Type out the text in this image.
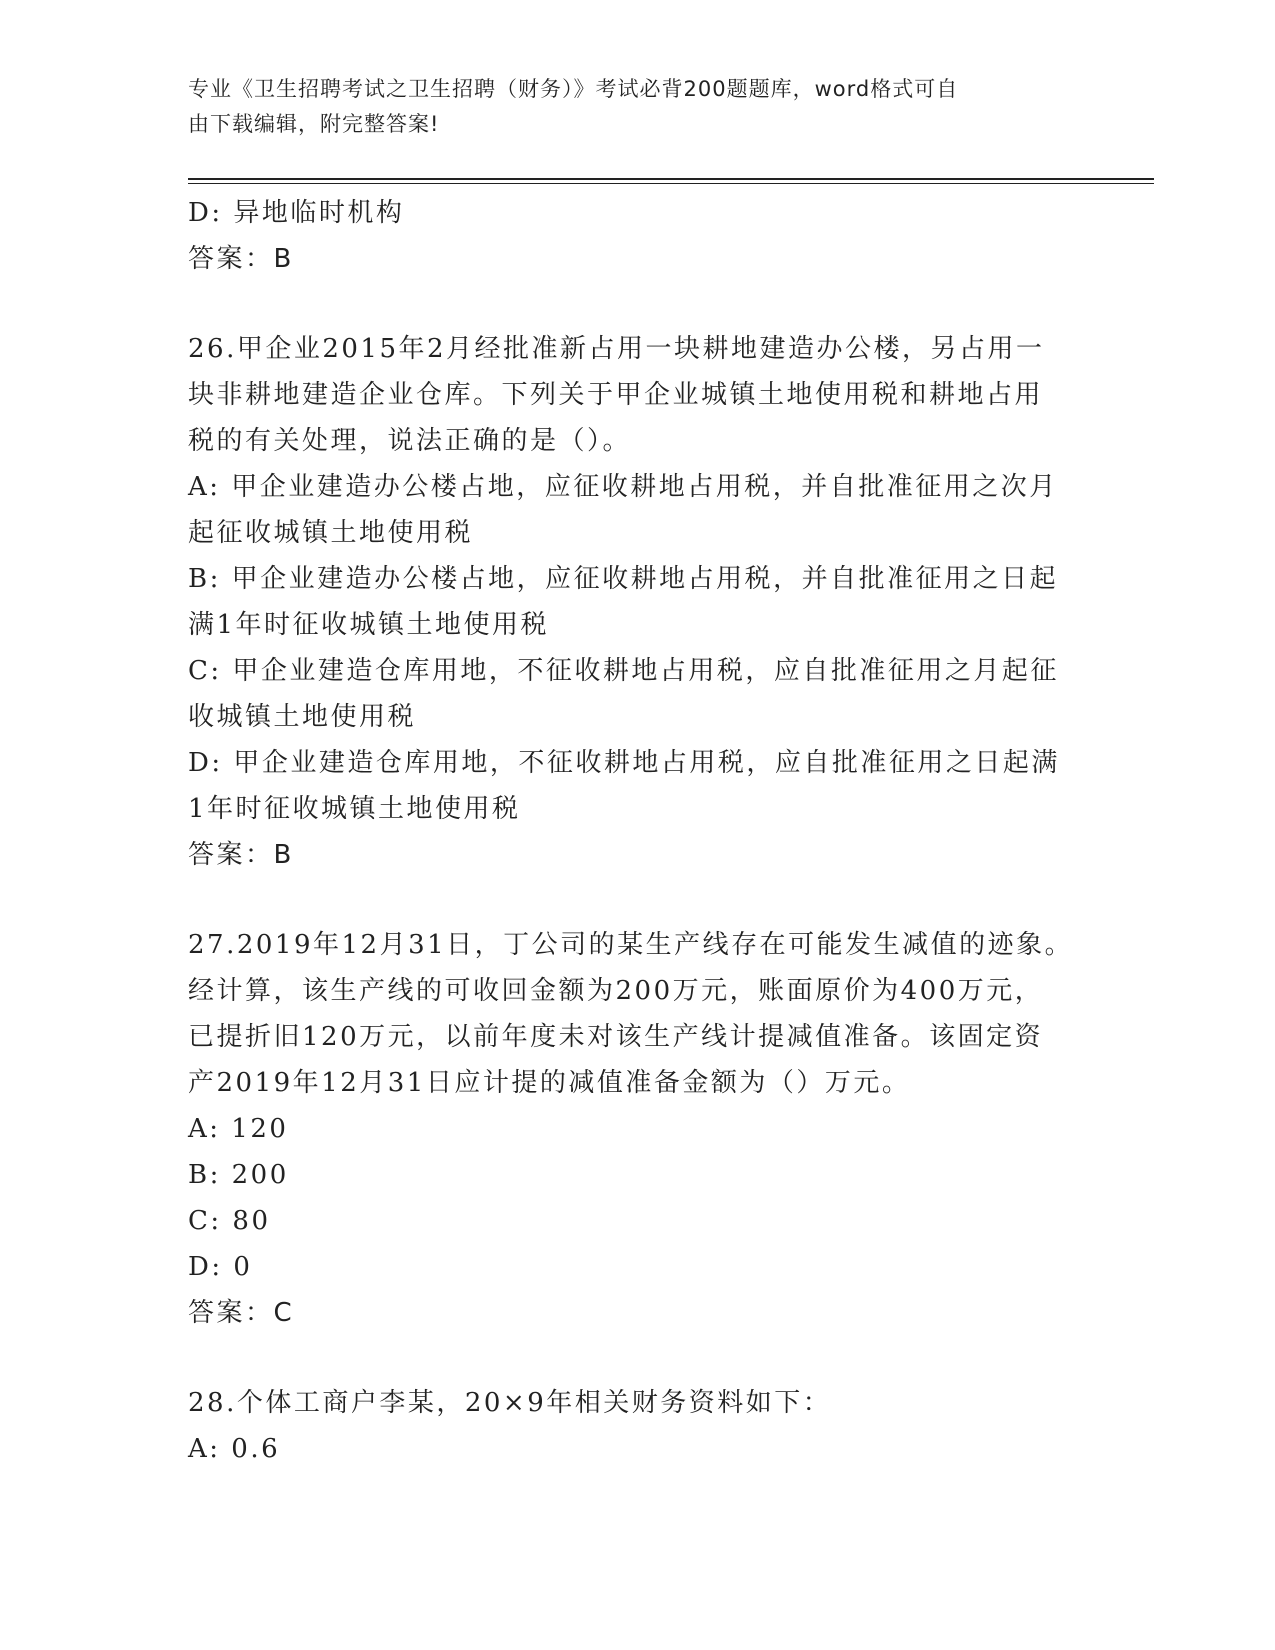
专业《卫生招聘考试之卫生招聘（财务）》考试必背200题题库，word格式可自
由下载编辑，附完整答案!
D: 异地临时机构
答案：B
26.甲企业2015年2月经批准新占用一块耕地建造办公楼，另占用一
块非耕地建造企业仓库。下列关于甲企业城镇土地使用税和耕地占用
税的有关处理，说法正确的是（）。
A: 甲企业建造办公楼占地，应征收耕地占用税，并自批准征用之次月
起征收城镇土地使用税
B: 甲企业建造办公楼占地，应征收耕地占用税，并自批准征用之日起
满1年时征收城镇土地使用税
C: 甲企业建造仓库用地，不征收耕地占用税，应自批准征用之月起征
收城镇土地使用税
D: 甲企业建造仓库用地，不征收耕地占用税，应自批准征用之日起满
1年时征收城镇土地使用税
答案：B
27.2019年12月31日，丁公司的某生产线存在可能发生减值的迹象。
经计算，该生产线的可收回金额为200万元，账面原价为400万元，
已提折旧120万元，以前年度未对该生产线计提减值准备。该固定资
产2019年12月31日应计提的减值准备金额为（）万元。
A: 120
B: 200
C: 80
D: 0
答案：C
28.个体工商户李某，20×9年相关财务资料如下：
A: 0.6
